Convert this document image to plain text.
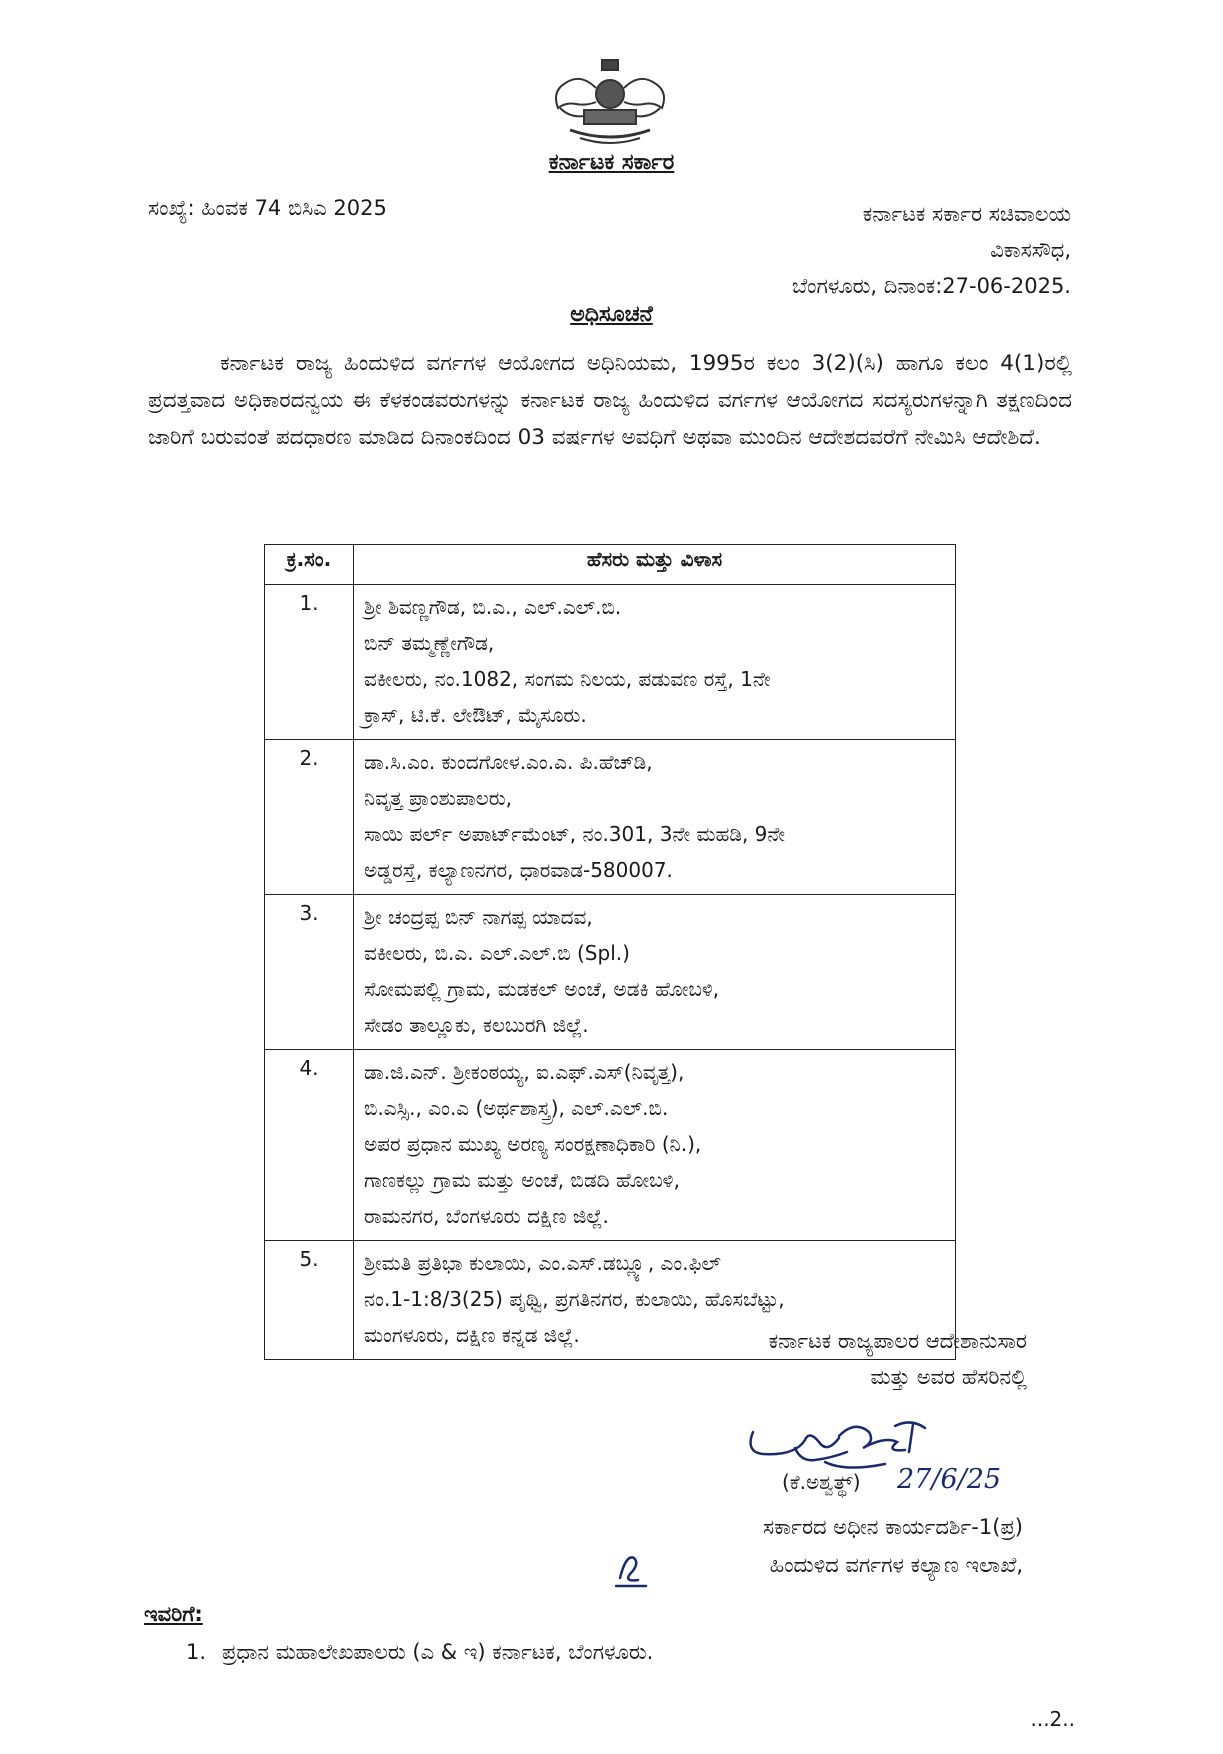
ಕರ್ನಾಟಕ ಸರ್ಕಾರ
ಸಂಖ್ಯೆ: ಹಿಂವಕ 74 ಬಿಸಿಎ 2025	ಕರ್ನಾಟಕ ಸರ್ಕಾರ ಸಚಿವಾಲಯ
ವಿಕಾಸಸೌಧ,
ಬೆಂಗಳೂರು, ದಿನಾಂಕ:27-06-2025.
ಅಧಿಸೂಚನೆ
ಕರ್ನಾಟಕ ರಾಜ್ಯ ಹಿಂದುಳಿದ ವರ್ಗಗಳ ಆಯೋಗದ ಅಧಿನಿಯಮ, 1995ರ ಕಲಂ 3(2)(ಸಿ) ಹಾಗೂ ಕಲಂ 4(1)ರಲ್ಲಿ ಪ್ರದತ್ತವಾದ ಅಧಿಕಾರದನ್ವಯ ಈ ಕೆಳಕಂಡವರುಗಳನ್ನು ಕರ್ನಾಟಕ ರಾಜ್ಯ ಹಿಂದುಳಿದ ವರ್ಗಗಳ ಆಯೋಗದ ಸದಸ್ಯರುಗಳನ್ನಾಗಿ ತಕ್ಷಣದಿಂದ ಜಾರಿಗೆ ಬರುವಂತೆ ಪದಧಾರಣ ಮಾಡಿದ ದಿನಾಂಕದಿಂದ 03 ವರ್ಷಗಳ ಅವಧಿಗೆ ಅಥವಾ ಮುಂದಿನ ಆದೇಶದವರೆಗೆ ನೇಮಿಸಿ ಆದೇಶಿದೆ.
ಕ್ರ.ಸಂ.	ಹೆಸರು ಮತ್ತು ವಿಳಾಸ
1.	ಶ್ರೀ ಶಿವಣ್ಣಗೌಡ, ಬಿ.ಎ., ಎಲ್.ಎಲ್.ಬಿ.
ಬಿನ್ ತಮ್ಮಣ್ಣೇಗೌಡ,
ವಕೀಲರು, ನಂ.1082, ಸಂಗಮ ನಿಲಯ, ಪಡುವಣ ರಸ್ತೆ, 1ನೇ
ಕ್ರಾಸ್, ಟಿ.ಕೆ. ಲೇಔಟ್, ಮೈಸೂರು.

2.	ಡಾ.ಸಿ.ಎಂ. ಕುಂದಗೋಳ.ಎಂ.ಎ. ಪಿ.ಹೆಚ್‌ಡಿ,
ನಿವೃತ್ತ ಪ್ರಾಂಶುಪಾಲರು,
ಸಾಯಿ ಪರ್ಲ್ ಅಪಾರ್ಟ್‌ಮೆಂಟ್, ನಂ.301, 3ನೇ ಮಹಡಿ, 9ನೇ
ಅಡ್ಡರಸ್ತೆ, ಕಲ್ಯಾಣನಗರ, ಧಾರವಾಡ-580007.

3.	ಶ್ರೀ ಚಂದ್ರಪ್ಪ ಬಿನ್ ನಾಗಪ್ಪ ಯಾದವ,
ವಕೀಲರು, ಬಿ.ಎ. ಎಲ್.ಎಲ್.ಬಿ (Spl.)
ಸೋಮಪಲ್ಲಿ ಗ್ರಾಮ, ಮಡಕಲ್ ಅಂಚೆ, ಅಡಕಿ ಹೋಬಳಿ,
ಸೇಡಂ ತಾಲ್ಲೂಕು, ಕಲಬುರಗಿ ಜಿಲ್ಲೆ.

4.	ಡಾ.ಜಿ.ಎನ್. ಶ್ರೀಕಂಠಯ್ಯ, ಐ.ಎಫ್.ಎಸ್(ನಿವೃತ್ತ),
ಬಿ.ಎಸ್ಸಿ., ಎಂ.ಎ (ಅರ್ಥಶಾಸ್ತ್ರ), ಎಲ್.ಎಲ್.ಬಿ.
ಅಪರ ಪ್ರಧಾನ ಮುಖ್ಯ ಅರಣ್ಯ ಸಂರಕ್ಷಣಾಧಿಕಾರಿ (ನಿ.),
ಗಾಣಕಲ್ಲು ಗ್ರಾಮ ಮತ್ತು ಅಂಚೆ, ಬಿಡದಿ ಹೋಬಳಿ,
ರಾಮನಗರ, ಬೆಂಗಳೂರು ದಕ್ಷಿಣ ಜಿಲ್ಲೆ.

5.	ಶ್ರೀಮತಿ ಪ್ರತಿಭಾ ಕುಲಾಯಿ, ಎಂ.ಎಸ್.ಡಬ್ಲ್ಯೂ, ಎಂ.ಫಿಲ್
ನಂ.1-1:8/3(25) ಪೃಥ್ವಿ, ಪ್ರಗತಿನಗರ, ಕುಲಾಯಿ, ಹೊಸಬೆಟ್ಟು,
ಮಂಗಳೂರು, ದಕ್ಷಿಣ ಕನ್ನಡ ಜಿಲ್ಲೆ.	ಕರ್ನಾಟಕ ರಾಜ್ಯಪಾಲರ ಆದೇಶಾನುಸಾರ
ಮತ್ತು ಅವರ ಹೆಸರಿನಲ್ಲಿ
(ಕೆ.ಅಶ್ವತ್ಥ್) 27/6/25
ಸರ್ಕಾರದ ಅಧೀನ ಕಾರ್ಯದರ್ಶಿ-1(ಪ್ರ)
ಹಿಂದುಳಿದ ವರ್ಗಗಳ ಕಲ್ಯಾಣ ಇಲಾಖೆ,
ಇವರಿಗೆ:
1. ಪ್ರಧಾನ ಮಹಾಲೇಖಪಾಲರು (ಎ & ಇ) ಕರ್ನಾಟಕ, ಬೆಂಗಳೂರು.
...2..
